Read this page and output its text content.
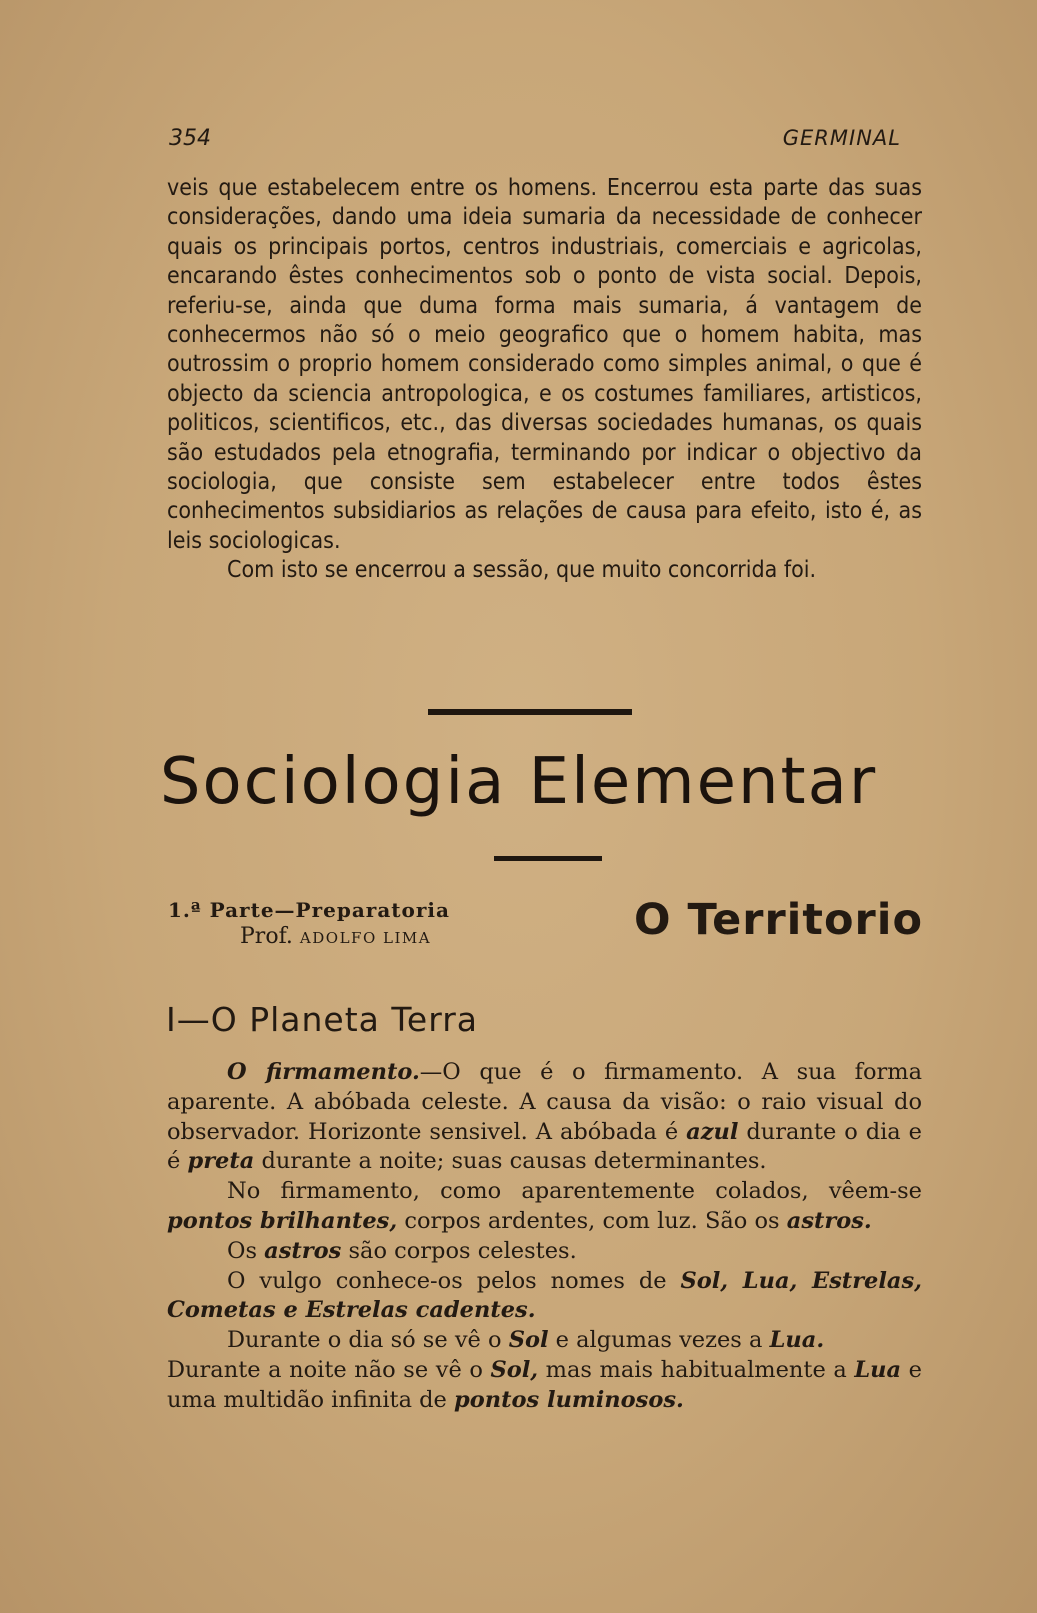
354	GERMINAL

veis que estabelecem entre os homens. Encerrou esta parte das suas considerações, dando uma ideia sumaria da necessidade de conhecer quais os principais portos, centros industriais, comerciais e agricolas, encarando êstes conhecimentos sob o ponto de vista social. Depois, referiu-se, ainda que duma forma mais sumaria, á vantagem de conhecermos não só o meio geografico que o homem habita, mas outrossim o proprio homem considerado como simples animal, o que é objecto da sciencia antropologica, e os costumes familiares, artisticos, politicos, scientificos, etc., das diversas sociedades humanas, os quais são estudados pela etnografia, terminando por indicar o objectivo da sociologia, que consiste sem estabelecer entre todos êstes conhecimentos subsidiarios as relações de causa para efeito, isto é, as leis sociologicas.

Com isto se encerrou a sessão, que muito concorrida foi.

Sociologia Elementar
1.ª Parte—Preparatoria
Prof. ADOLFO LIMA	O Territorio
I—O Planeta Terra

O firmamento.—O que é o firmamento. A sua forma aparente. A abóbada celeste. A causa da visão: o raio visual do observador. Horizonte sensivel. A abóbada é azul durante o dia e é preta durante a noite; suas causas determinantes.

No firmamento, como aparentemente colados, vêem-se pontos brilhantes, corpos ardentes, com luz. São os astros.

Os astros são corpos celestes.

O vulgo conhece-os pelos nomes de Sol, Lua, Estrelas, Cometas e Estrelas cadentes.

Durante o dia só se vê o Sol e algumas vezes a Lua.

Durante a noite não se vê o Sol, mas mais habitualmente a Lua e uma multidão infinita de pontos luminosos.
